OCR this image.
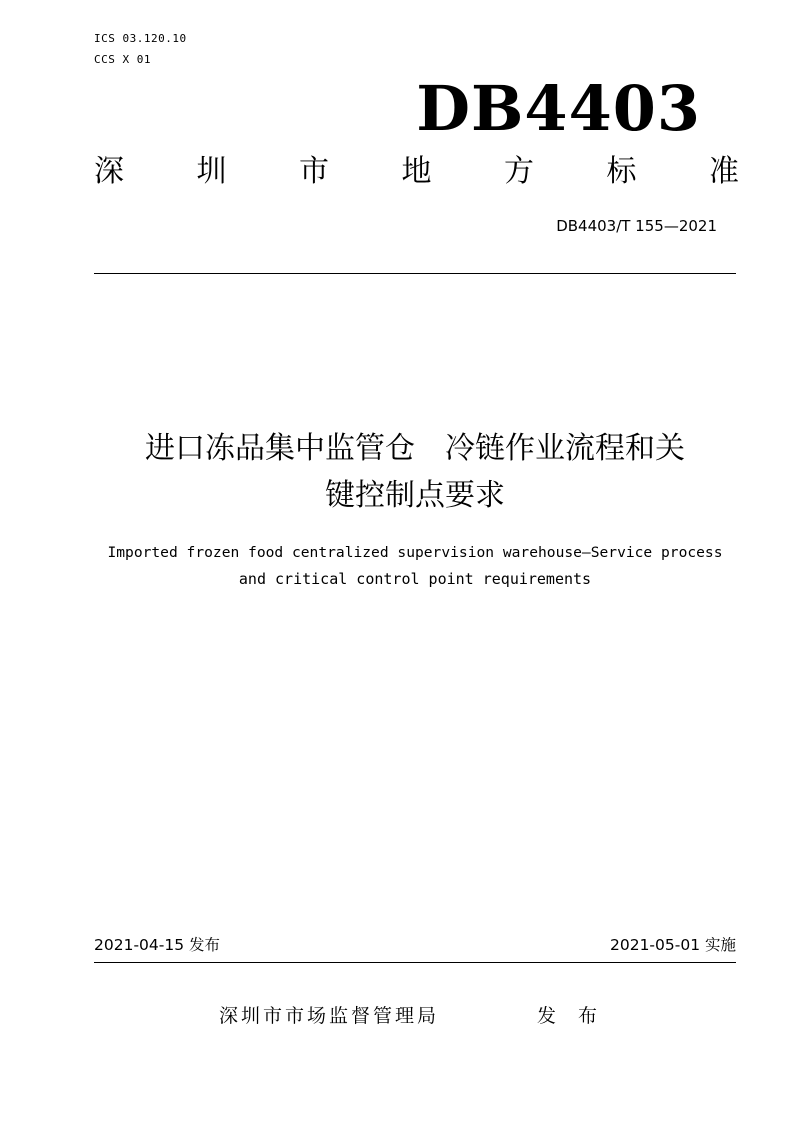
ICS 03.120.10
CCS X 01
DB4403
深 圳 市 地 方 标 准
DB4403/T 155—2021
进口冻品集中监管仓　冷链作业流程和关
键控制点要求
Imported frozen food centralized supervision warehouse—Service process
and critical control point requirements
2021-04-15 发布	2021-05-01 实施
深圳市市场监督管理局	发 布
